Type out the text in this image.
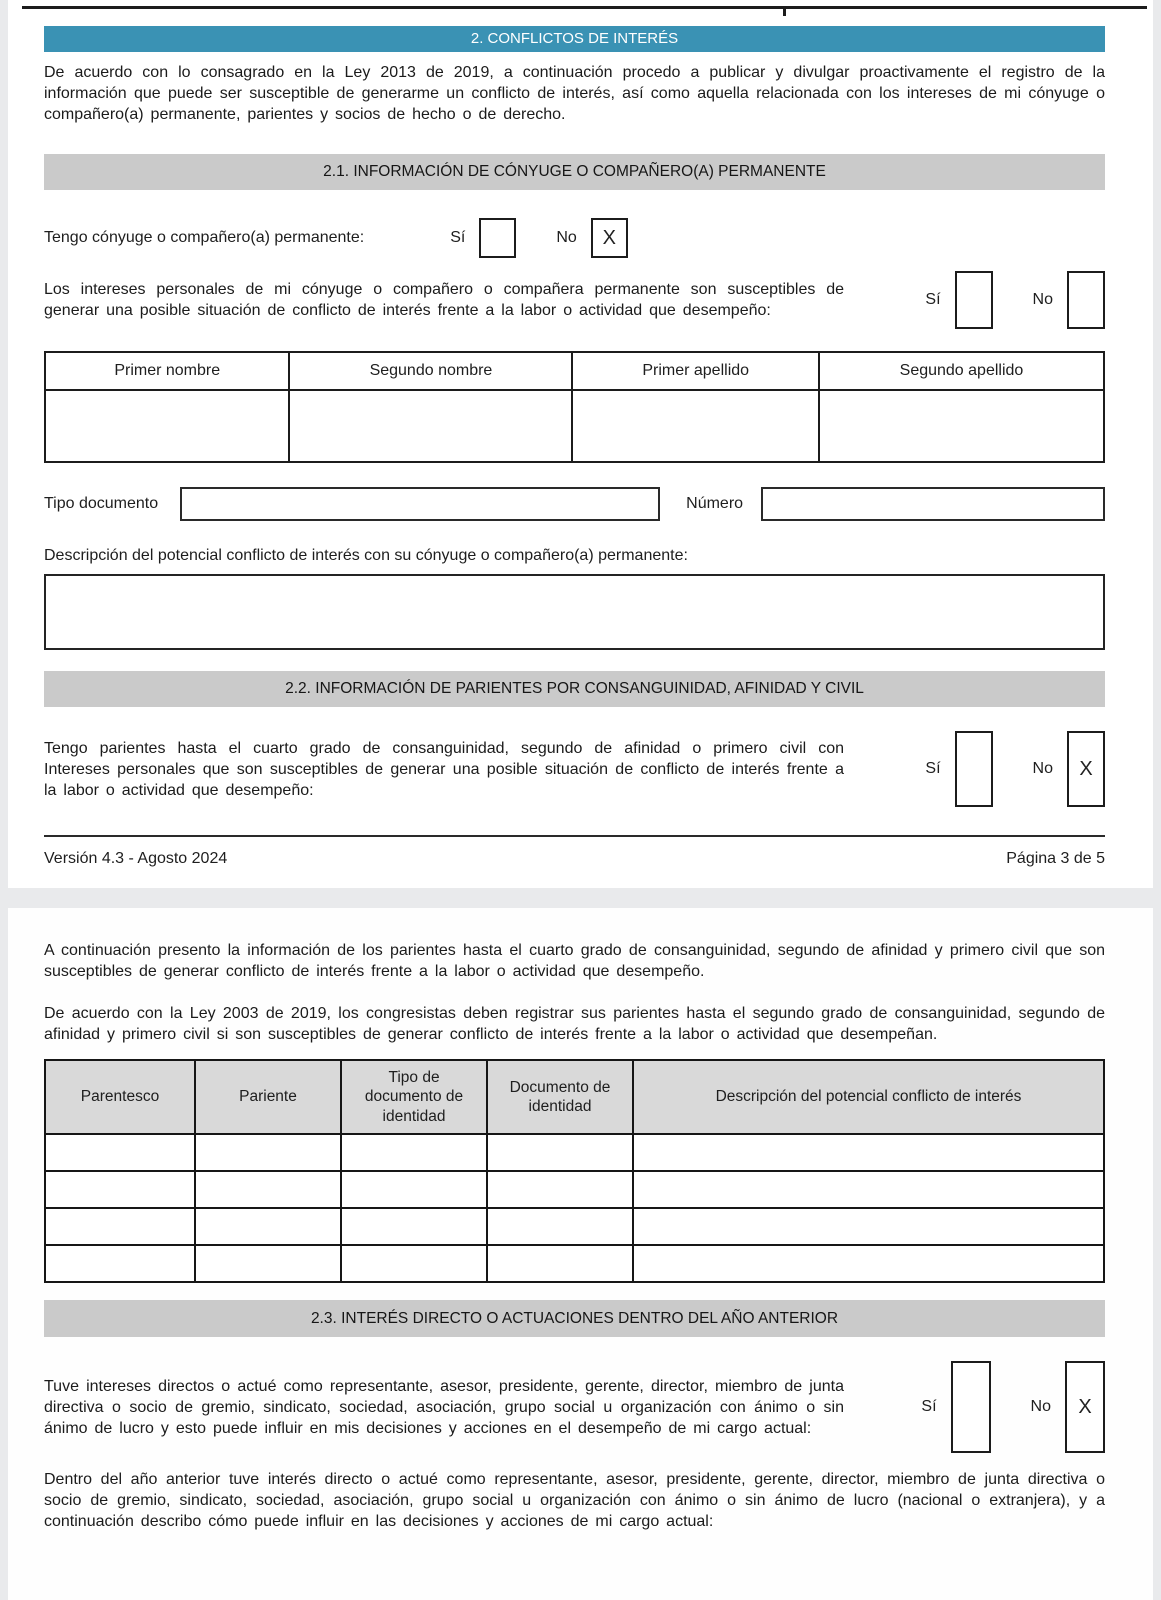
2. CONFLICTOS DE INTERÉS

De acuerdo con lo consagrado en la Ley 2013 de 2019, a continuación procedo a publicar y divulgar proactivamente el registro de la información que puede ser susceptible de generarme un conflicto de interés, así como aquella relacionada con los intereses de mi cónyuge o compañero(a) permanente, parientes y socios de hecho o de derecho.

2.1. INFORMACIÓN DE CÓNYUGE O COMPAÑERO(A) PERMANENTE
Tengo cónyuge o compañero(a) permanente:	Sí	No	X

Los intereses personales de mi cónyuge o compañero o compañera permanente son susceptibles de generar una posible situación de conflicto de interés frente a la labor o actividad que desempeño:

Sí	No
Primer nombre	Segundo nombre	Primer apellido	Segundo apellido

Tipo documento	Número

Descripción del potencial conflicto de interés con su cónyuge o compañero(a) permanente:

2.2. INFORMACIÓN DE PARIENTES POR CONSANGUINIDAD, AFINIDAD Y CIVIL

Tengo parientes hasta el cuarto grado de consanguinidad, segundo de afinidad o primero civil con Intereses personales que son susceptibles de generar una posible situación de conflicto de interés frente a la labor o actividad que desempeño:

Sí	No	X
Versión 4.3 - Agosto 2024	Página 3 de 5

A continuación presento la información de los parientes hasta el cuarto grado de consanguinidad, segundo de afinidad y primero civil que son susceptibles de generar conflicto de interés frente a la labor o actividad que desempeño.

De acuerdo con la Ley 2003 de 2019, los congresistas deben registrar sus parientes hasta el segundo grado de consanguinidad, segundo de afinidad y primero civil si son susceptibles de generar conflicto de interés frente a la labor o actividad que desempeñan.

Parentesco	Pariente	Tipo de documento de identidad	Documento de identidad	Descripción del potencial conflicto de interés

2.3. INTERÉS DIRECTO O ACTUACIONES DENTRO DEL AÑO ANTERIOR

Tuve intereses directos o actué como representante, asesor, presidente, gerente, director, miembro de junta directiva o socio de gremio, sindicato, sociedad, asociación, grupo social u organización con ánimo o sin ánimo de lucro y esto puede influir en mis decisiones y acciones en el desempeño de mi cargo actual:

Sí	No	X

Dentro del año anterior tuve interés directo o actué como representante, asesor, presidente, gerente, director, miembro de junta directiva o socio de gremio, sindicato, sociedad, asociación, grupo social u organización con ánimo o sin ánimo de lucro (nacional o extranjera), y a continuación describo cómo puede influir en las decisiones y acciones de mi cargo actual:
